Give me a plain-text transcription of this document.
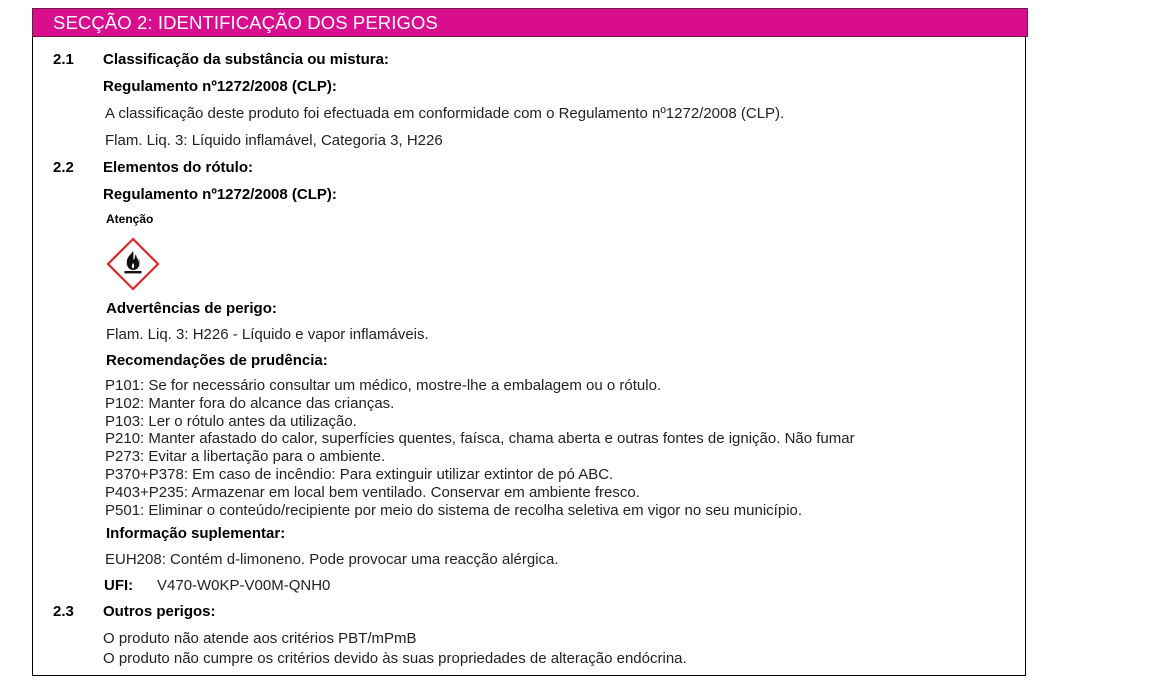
SECÇÃO 2: IDENTIFICAÇÃO DOS PERIGOS
2.1 Classificação da substância ou mistura:
Regulamento nº1272/2008 (CLP):
A classificação deste produto foi efectuada em conformidade com o Regulamento nº1272/2008 (CLP).
Flam. Liq. 3: Líquido inflamável, Categoria 3, H226
2.2 Elementos do rótulo:
Regulamento nº1272/2008 (CLP):
Atenção
Advertências de perigo:
Flam. Liq. 3: H226 - Líquido e vapor inflamáveis.
Recomendações de prudência:
P101: Se for necessário consultar um médico, mostre-lhe a embalagem ou o rótulo.
P102: Manter fora do alcance das crianças.
P103: Ler o rótulo antes da utilização.
P210: Manter afastado do calor, superfícies quentes, faísca, chama aberta e outras fontes de ignição. Não fumar
P273: Evitar a libertação para o ambiente.
P370+P378: Em caso de incêndio: Para extinguir utilizar extintor de pó ABC.
P403+P235: Armazenar em local bem ventilado. Conservar em ambiente fresco.
P501: Eliminar o conteúdo/recipiente por meio do sistema de recolha seletiva em vigor no seu município.
Informação suplementar:
EUH208: Contém d-limoneno. Pode provocar uma reacção alérgica.
UFI: V470-W0KP-V00M-QNH0
2.3 Outros perigos:
O produto não atende aos critérios PBT/mPmB
O produto não cumpre os critérios devido às suas propriedades de alteração endócrina.
